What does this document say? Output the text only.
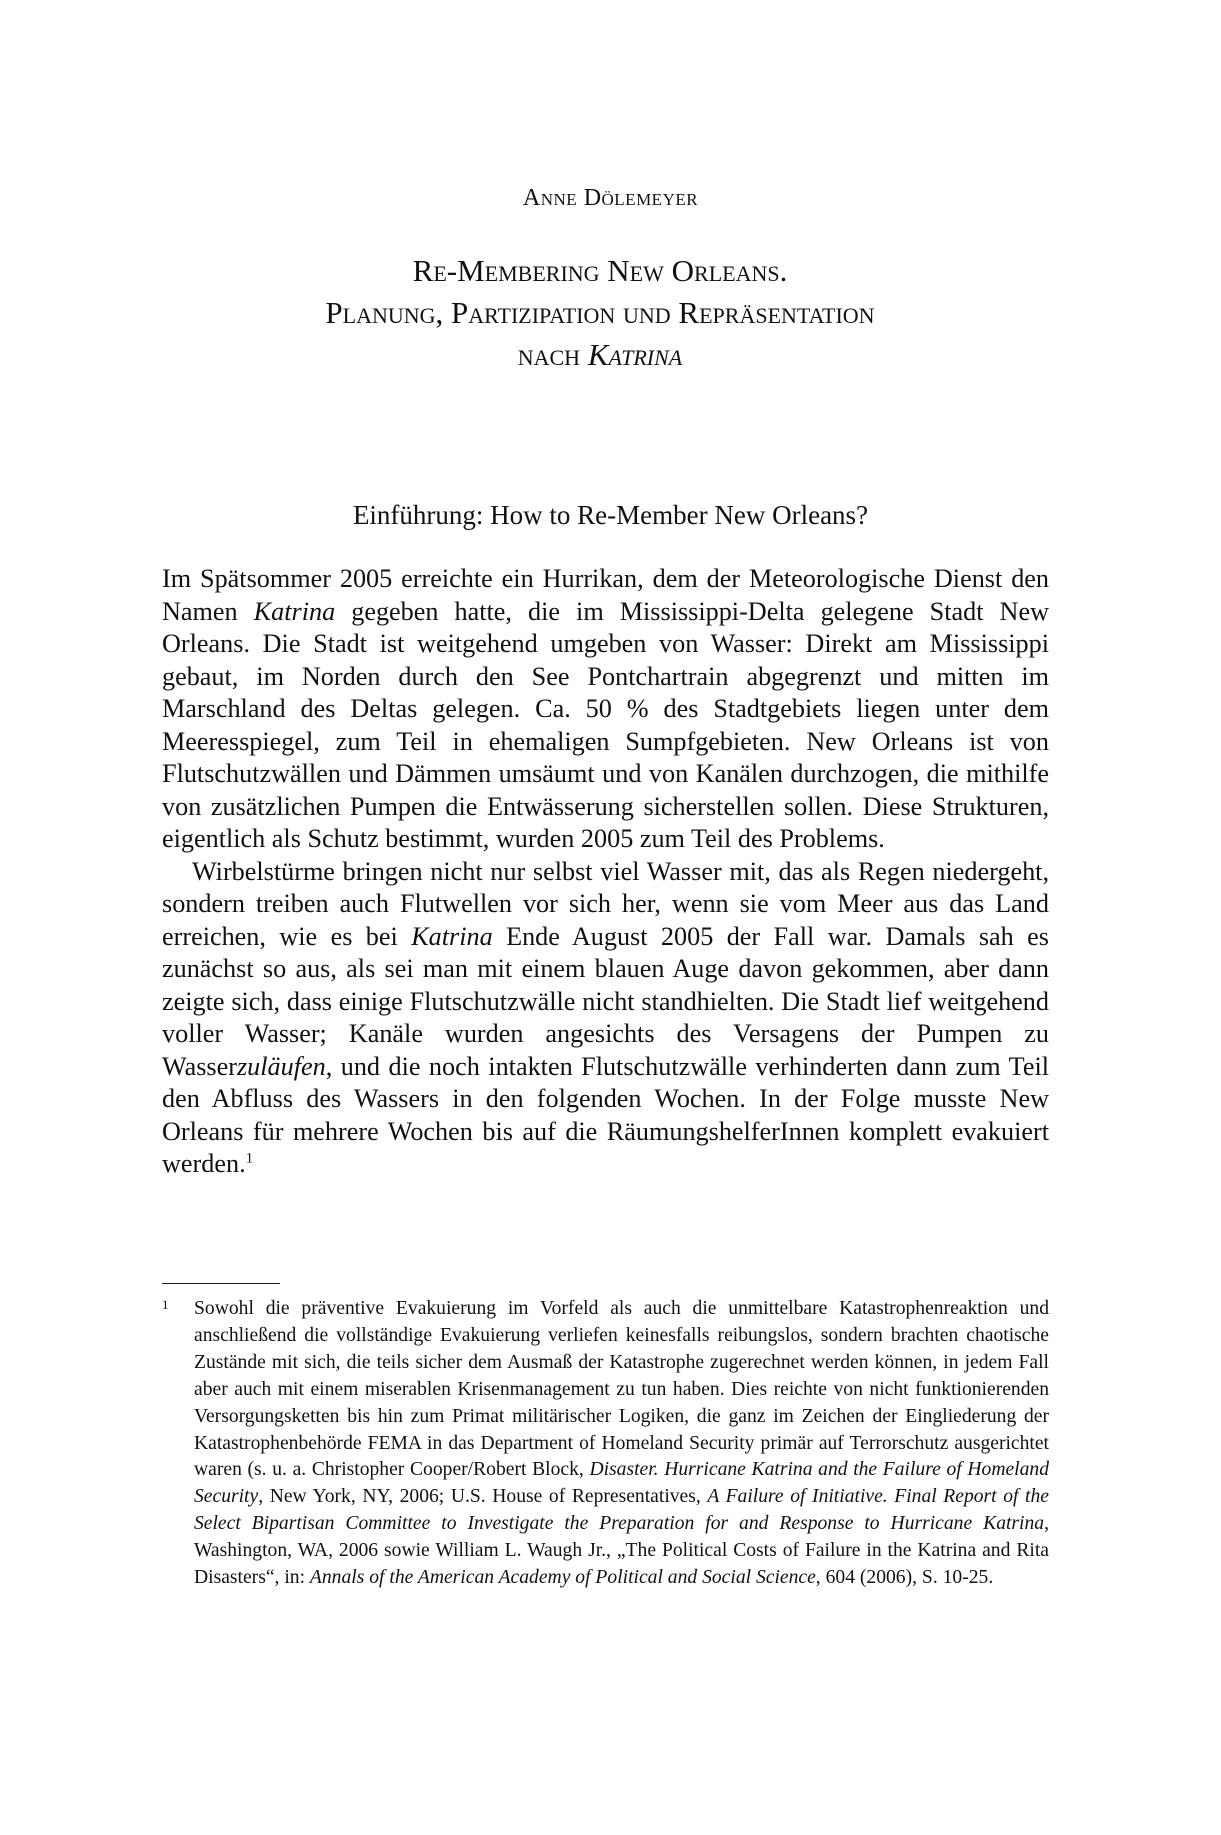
Anne Dölemeyer
Re-Membering New Orleans.
Planung, Partizipation und Repräsentation
nach Katrina
Einführung: How to Re-Member New Orleans?

Im Spätsommer 2005 erreichte ein Hurrikan, dem der Meteorologische Dienst den Namen Katrina gegeben hatte, die im Mississippi-Delta gelegene Stadt New Orleans. Die Stadt ist weitgehend umgeben von Wasser: Direkt am Mississippi gebaut, im Norden durch den See Pontchartrain abgegrenzt und mitten im Marschland des Deltas gelegen. Ca. 50 % des Stadtgebiets liegen unter dem Meeresspiegel, zum Teil in ehemaligen Sumpfgebieten. New Orleans ist von Flutschutzwällen und Dämmen umsäumt und von Kanälen durchzogen, die mithilfe von zusätzlichen Pumpen die Entwässerung sicherstellen sollen. Diese Strukturen, eigentlich als Schutz bestimmt, wurden 2005 zum Teil des Problems.

Wirbelstürme bringen nicht nur selbst viel Wasser mit, das als Regen niedergeht, sondern treiben auch Flutwellen vor sich her, wenn sie vom Meer aus das Land erreichen, wie es bei Katrina Ende August 2005 der Fall war. Damals sah es zunächst so aus, als sei man mit einem blauen Auge davon gekommen, aber dann zeigte sich, dass einige Flutschutzwälle nicht standhielten. Die Stadt lief weitgehend voller Wasser; Kanäle wurden angesichts des Versagens der Pumpen zu Wasserzuläufen, und die noch intakten Flutschutzwälle verhinderten dann zum Teil den Abfluss des Wassers in den folgenden Wochen. In der Folge musste New Orleans für mehrere Wochen bis auf die RäumungshelferInnen komplett evakuiert werden.$^1$

1 Sowohl die präventive Evakuierung im Vorfeld als auch die unmittelbare Katastrophenreaktion und anschließend die vollständige Evakuierung verliefen keinesfalls reibungslos, sondern brachten chaotische Zustände mit sich, die teils sicher dem Ausmaß der Katastrophe zugerechnet werden können, in jedem Fall aber auch mit einem miserablen Krisenmanagement zu tun haben. Dies reichte von nicht funktionierenden Versorgungsketten bis hin zum Primat militärischer Logiken, die ganz im Zeichen der Eingliederung der Katastrophenbehörde FEMA in das Department of Homeland Security primär auf Terrorschutz ausgerichtet waren (s. u. a. Christopher Cooper/Robert Block, Disaster. Hurricane Katrina and the Failure of Homeland Security, New York, NY, 2006; U.S. House of Representatives, A Failure of Initiative. Final Report of the Select Bipartisan Committee to Investigate the Preparation for and Response to Hurricane Katrina, Washington, WA, 2006 sowie William L. Waugh Jr., „The Political Costs of Failure in the Katrina and Rita Disasters“, in: Annals of the American Academy of Political and Social Science, 604 (2006), S. 10-25.
